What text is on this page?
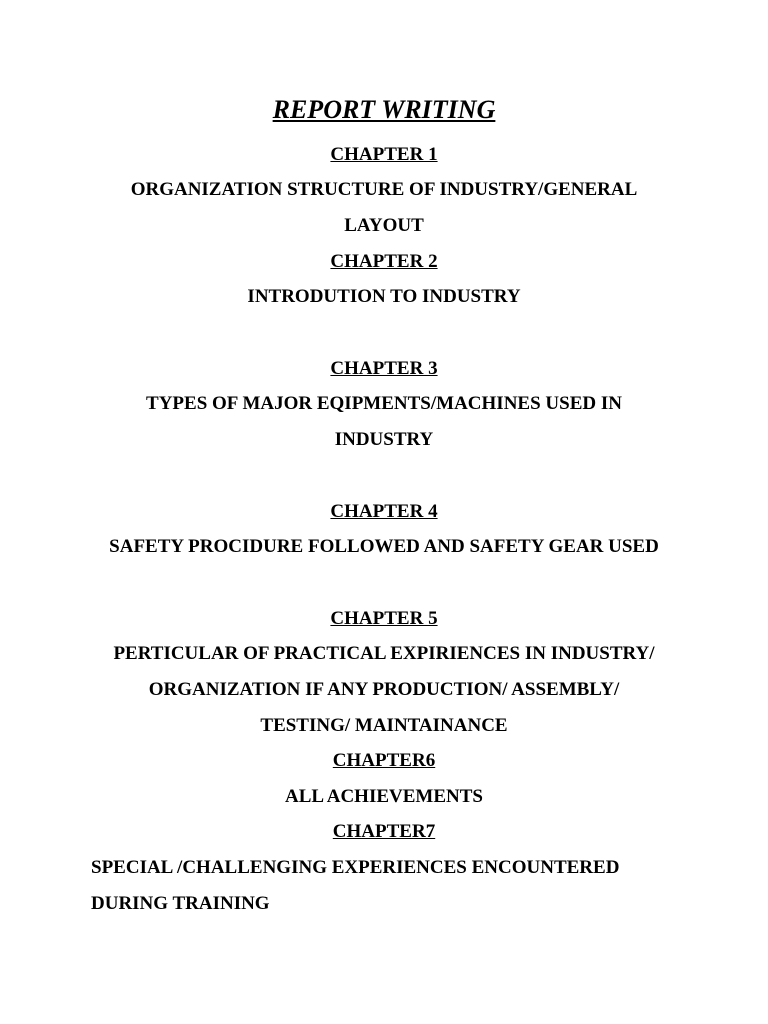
REPORT WRITING
CHAPTER 1
ORGANIZATION STRUCTURE OF INDUSTRY/GENERAL
LAYOUT
CHAPTER 2
INTRODUTION TO INDUSTRY
CHAPTER 3
TYPES OF MAJOR EQIPMENTS/MACHINES USED IN
INDUSTRY
CHAPTER 4
SAFETY PROCIDURE FOLLOWED AND SAFETY GEAR USED
CHAPTER 5
PERTICULAR OF PRACTICAL EXPIRIENCES IN INDUSTRY/
ORGANIZATION IF ANY PRODUCTION/ ASSEMBLY/
TESTING/ MAINTAINANCE
CHAPTER6
ALL ACHIEVEMENTS
CHAPTER7
SPECIAL /CHALLENGING EXPERIENCES ENCOUNTERED
DURING TRAINING
